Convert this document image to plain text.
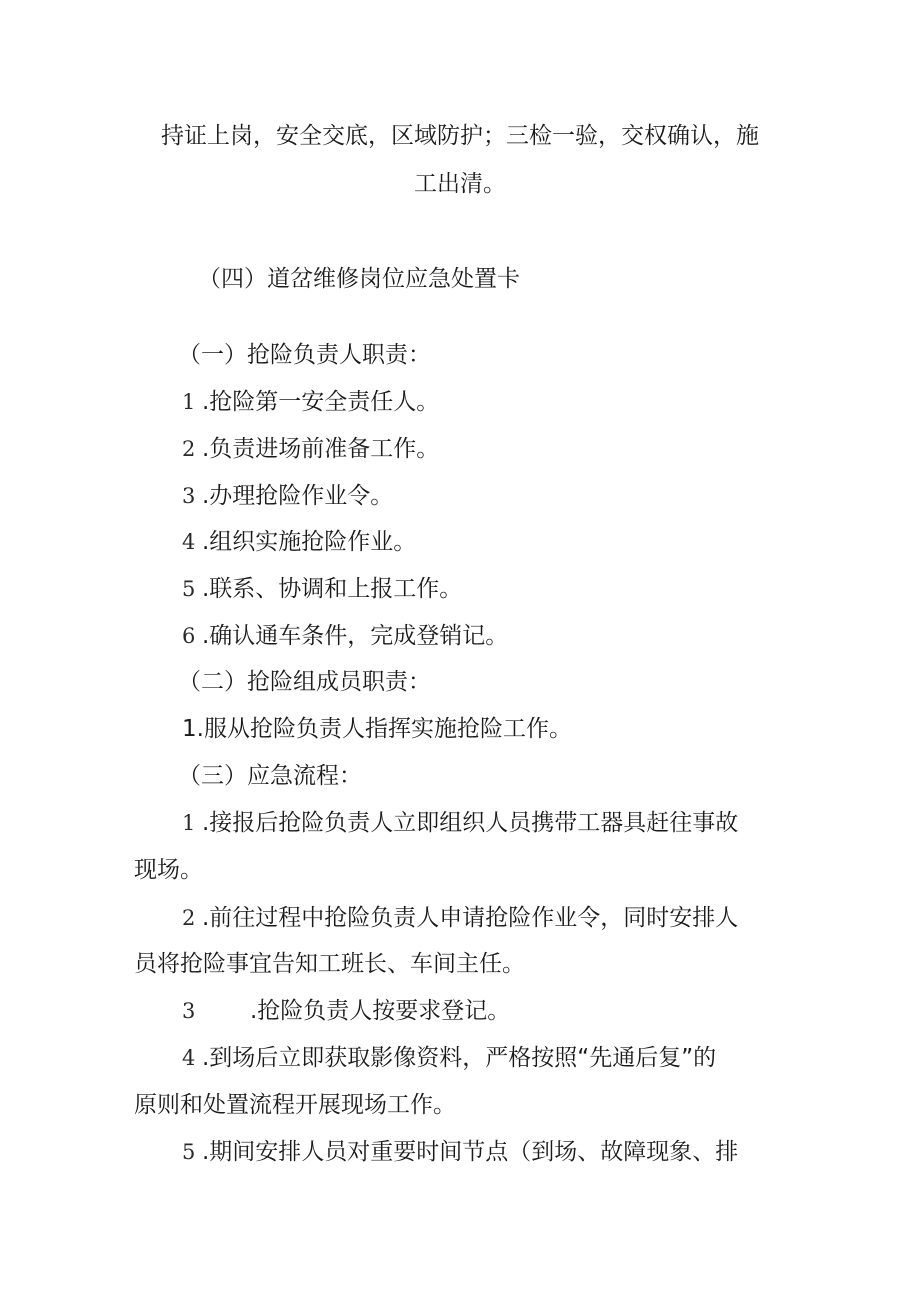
持证上岗，安全交底，区域防护；三检一验，交权确认，施
工出清。
（四）道岔维修岗位应急处置卡
（一）抢险负责人职责：
1 .抢险第一安全责任人。
2 .负责进场前准备工作。
3 .办理抢险作业令。
4 .组织实施抢险作业。
5 .联系、协调和上报工作。
6 .确认通车条件，完成登销记。
（二）抢险组成员职责：
1.服从抢险负责人指挥实施抢险工作。
（三）应急流程：
1 .接报后抢险负责人立即组织人员携带工器具赶往事故
现场。
2 .前往过程中抢险负责人申请抢险作业令，同时安排人
员将抢险事宜告知工班长、车间主任。
3 .抢险负责人按要求登记。
4 .到场后立即获取影像资料，严格按照“先通后复”的
原则和处置流程开展现场工作。
5 .期间安排人员对重要时间节点（到场、故障现象、排
